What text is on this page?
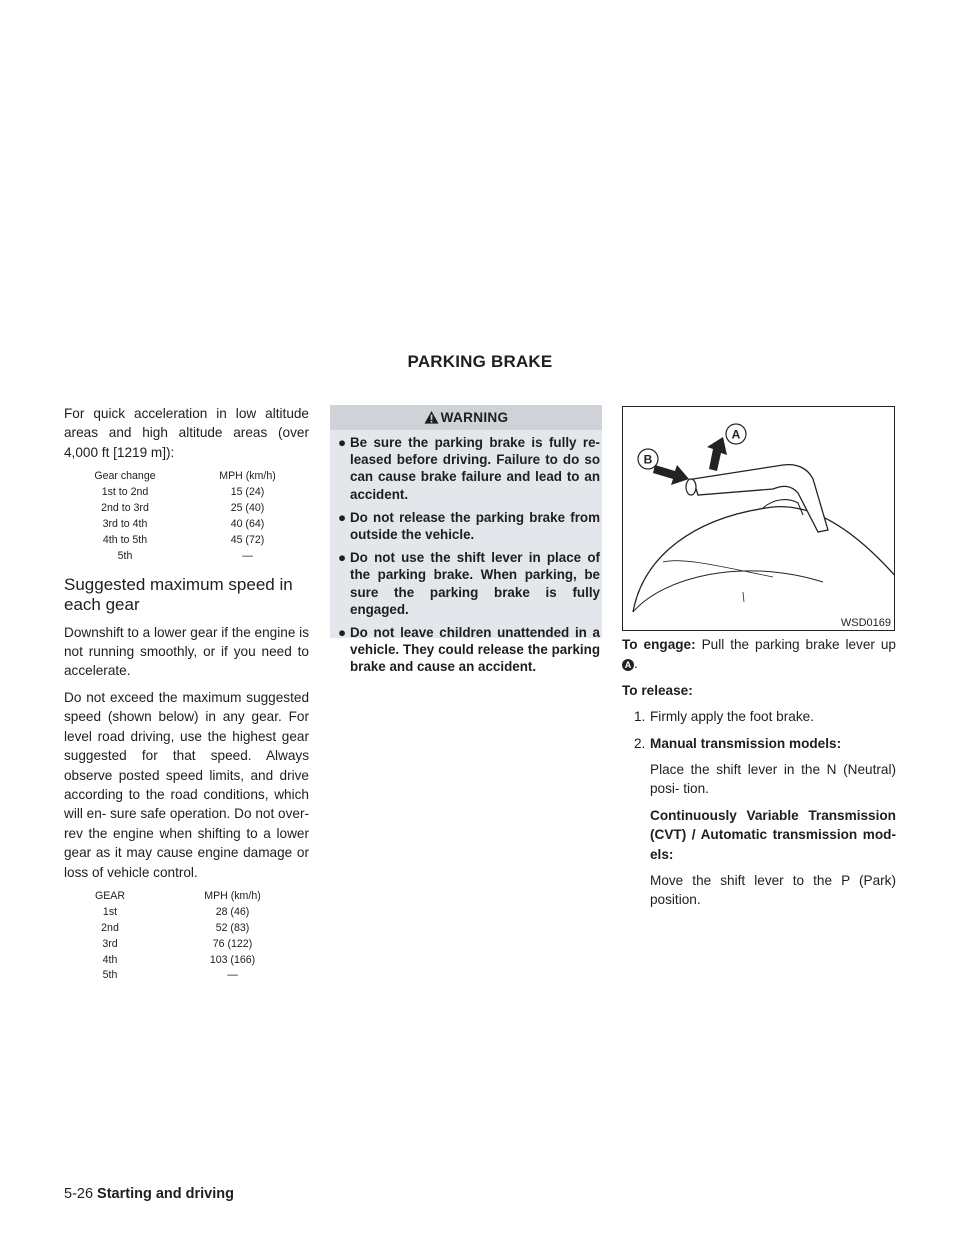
PARKING BRAKE

For quick acceleration in low altitude areas and high altitude areas (over 4,000 ft [1219 m]):

Gear change	MPH (km/h)
1st to 2nd	15 (24)
2nd to 3rd	25 (40)
3rd to 4th	40 (64)
4th to 5th	45 (72)
5th	—
Suggested maximum speed in each gear

Downshift to a lower gear if the engine is not running smoothly, or if you need to accelerate.

Do not exceed the maximum suggested speed (shown below) in any gear. For level road driving, use the highest gear suggested for that speed. Always observe posted speed limits, and drive according to the road conditions, which will en- sure safe operation. Do not over-rev the engine when shifting to a lower gear as it may cause engine damage or loss of vehicle control.

GEAR	MPH (km/h)
1st	28 (46)
2nd	52 (83)
3rd	76 (122)
4th	103 (166)
5th	—
WARNING
● Be sure the parking brake is fully re- leased before driving. Failure to do so can cause brake failure and lead to an accident.
● Do not release the parking brake from outside the vehicle.
● Do not use the shift lever in place of the parking brake. When parking, be sure the parking brake is fully engaged.
● Do not leave children unattended in a vehicle. They could release the parking brake and cause an accident.
B
A
WSD0169

To engage: Pull the parking brake lever up A .

To release:

1. Firmly apply the foot brake.
2. Manual transmission models:

Place the shift lever in the N (Neutral) posi- tion.

Continuously Variable Transmission (CVT) / Automatic transmission mod- els:

Move the shift lever to the P (Park) position.

5-26 Starting and driving
